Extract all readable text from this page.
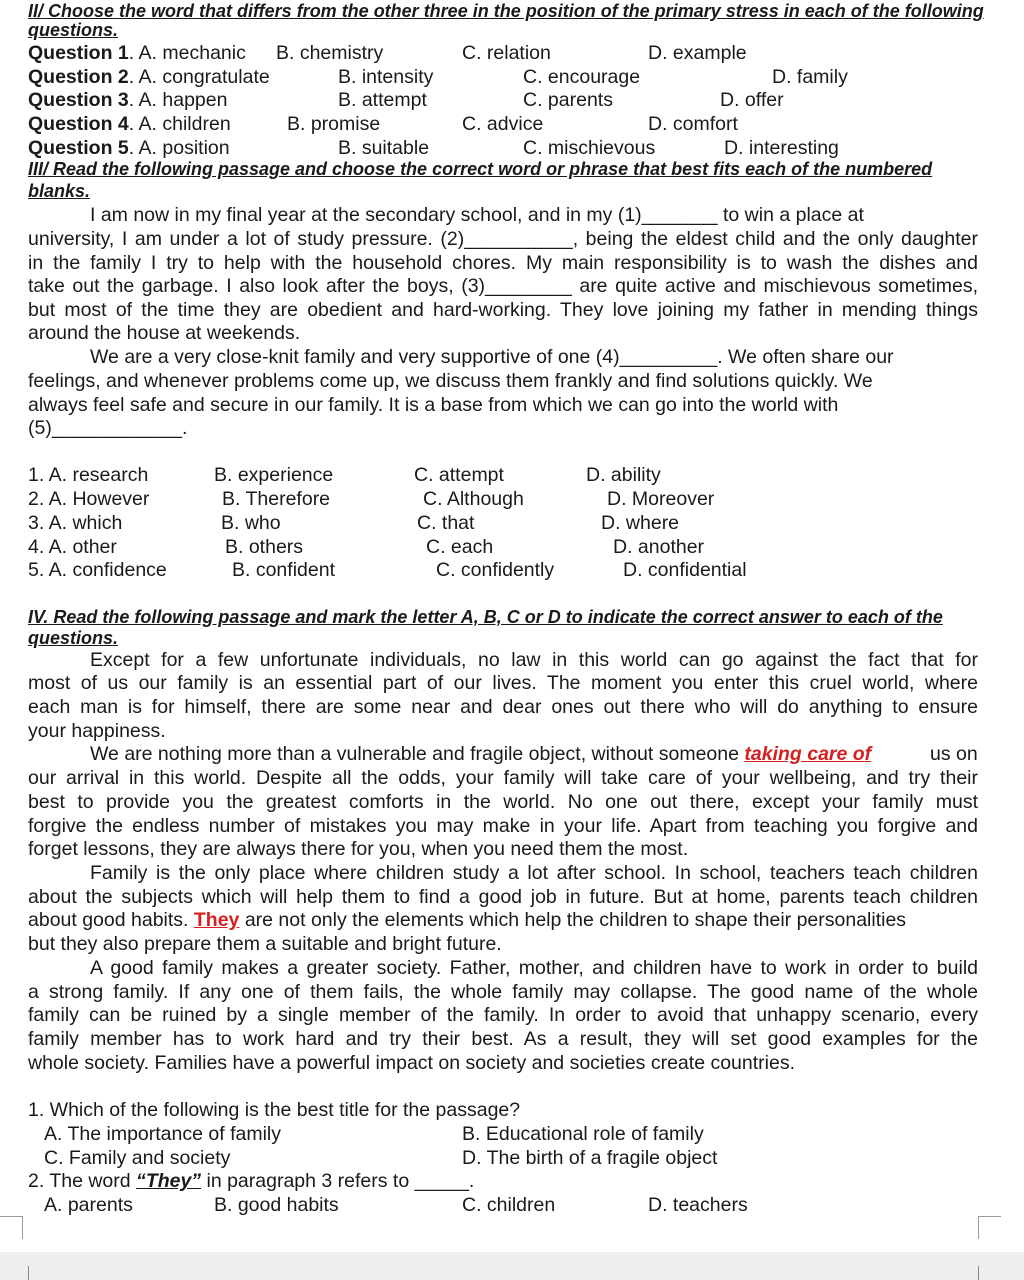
II/ Choose the word that differs from the other three in the position of the primary stress in each of the following
questions.
Question 1. A. mechanic B. chemistry	C. relation	D. example
Question 2. A. congratulate	B. intensity	C. encourage	D. family
Question 3. A. happen	B. attempt	C. parents	D. offer
Question 4. A. children	B. promise	C. advice	D. comfort
Question 5. A. position	B. suitable	C. mischievous	D. interesting
III/ Read the following passage and choose the correct word or phrase that best fits each of the numbered
blanks.
I am now in my final year at the secondary school, and in my (1)_______ to win a place at
university, I am under a lot of study pressure. (2)__________, being the eldest child and the only daughter
in the family I try to help with the household chores. My main responsibility is to wash the dishes and
take out the garbage. I also look after the boys, (3)________ are quite active and mischievous sometimes,
but most of the time they are obedient and hard-working. They love joining my father in mending things
around the house at weekends.
We are a very close-knit family and very supportive of one (4)_________. We often share our
feelings, and whenever problems come up, we discuss them frankly and find solutions quickly. We
always feel safe and secure in our family. It is a base from which we can go into the world with
(5)____________.
1. A. research	B. experience	C. attempt	D. ability
2. A. However	B. Therefore	C. Although	D. Moreover
3. A. which	B. who	C. that	D. where
4. A. other	B. others	C. each	D. another
5. A. confidence	B. confident	C. confidently	D. confidential
IV. Read the following passage and mark the letter A, B, C or D to indicate the correct answer to each of the
questions.
Except for a few unfortunate individuals, no law in this world can go against the fact that for
most of us our family is an essential part of our lives. The moment you enter this cruel world, where
each man is for himself, there are some near and dear ones out there who will do anything to ensure
your happiness.
We are nothing more than a vulnerable and fragile object, without someone taking care of	us on
our arrival in this world. Despite all the odds, your family will take care of your wellbeing, and try their
best to provide you the greatest comforts in the world. No one out there, except your family must
forgive the endless number of mistakes you may make in your life. Apart from teaching you forgive and
forget lessons, they are always there for you, when you need them the most.
Family is the only place where children study a lot after school. In school, teachers teach children
about the subjects which will help them to find a good job in future. But at home, parents teach children
about good habits. They are not only the elements which help the children to shape their personalities
but they also prepare them a suitable and bright future.
A good family makes a greater society. Father, mother, and children have to work in order to build
a strong family. If any one of them fails, the whole family may collapse. The good name of the whole
family can be ruined by a single member of the family. In order to avoid that unhappy scenario, every
family member has to work hard and try their best. As a result, they will set good examples for the
whole society. Families have a powerful impact on society and societies create countries.
1. Which of the following is the best title for the passage?
A. The importance of family	B. Educational role of family
C. Family and society	D. The birth of a fragile object
2. The word “They” in paragraph 3 refers to _____.
A. parents	B. good habits	C. children	D. teachers
